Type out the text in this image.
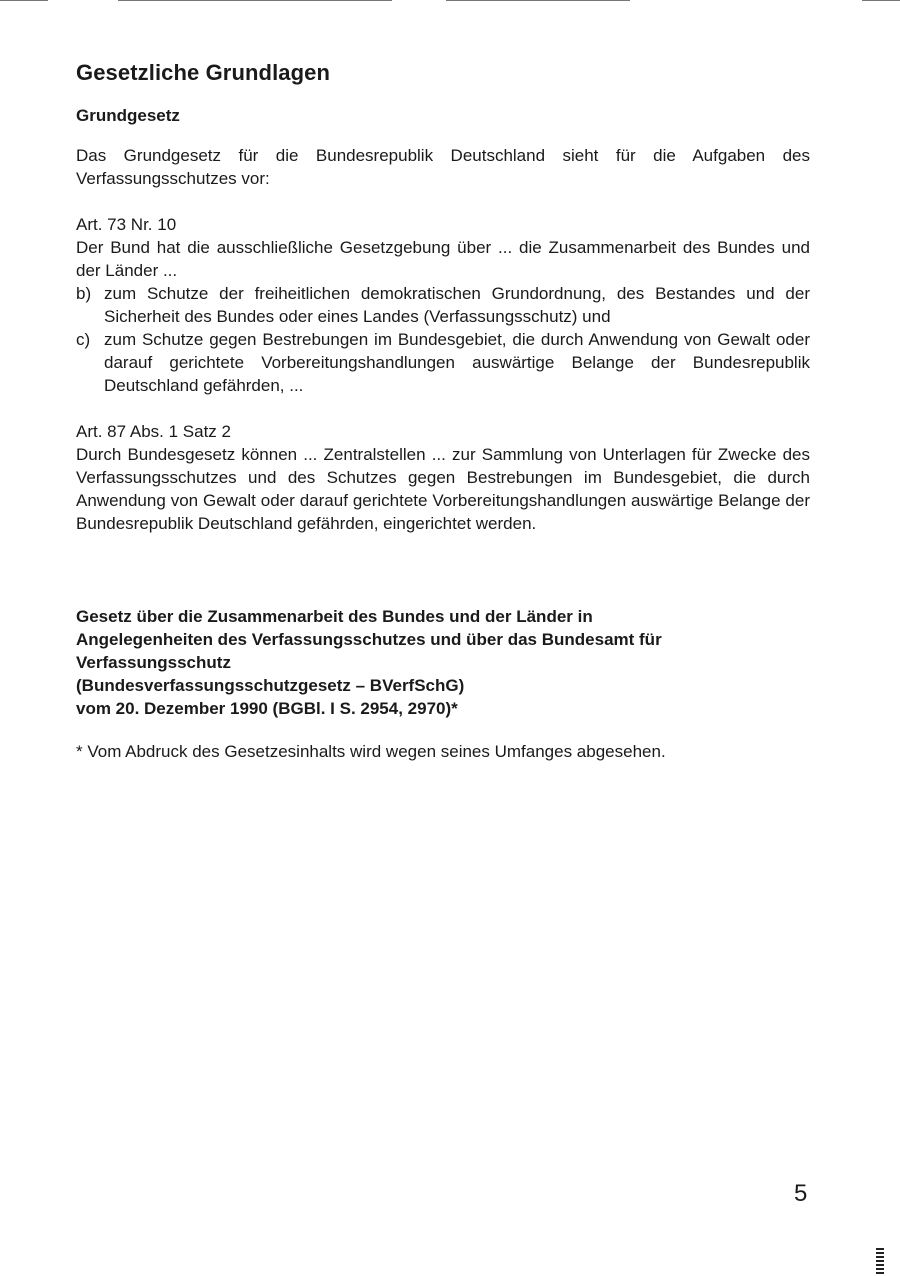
Gesetzliche Grundlagen
Grundgesetz

Das Grundgesetz für die Bundesrepublik Deutschland sieht für die Aufgaben des Verfassungsschutzes vor:

Art. 73 Nr. 10

Der Bund hat die ausschließliche Gesetzgebung über ... die Zusammenarbeit des Bundes und der Länder ...

b) zum Schutze der freiheitlichen demokratischen Grundordnung, des Bestandes und der Sicherheit des Bundes oder eines Landes (Verfassungsschutz) und
c) zum Schutze gegen Bestrebungen im Bundesgebiet, die durch Anwendung von Gewalt oder darauf gerichtete Vorbereitungshandlungen auswärtige Belange der Bundesrepublik Deutschland gefährden, ...

Art. 87 Abs. 1 Satz 2

Durch Bundesgesetz können ... Zentralstellen ... zur Sammlung von Unterlagen für Zwecke des Verfassungsschutzes und des Schutzes gegen Bestrebungen im Bundesgebiet, die durch Anwendung von Gewalt oder darauf gerichtete Vorbereitungshandlungen auswärtige Belange der Bundesrepublik Deutschland gefährden, eingerichtet werden.

Gesetz über die Zusammenarbeit des Bundes und der Länder in
Angelegenheiten des Verfassungsschutzes und über das Bundesamt für
Verfassungsschutz
(Bundesverfassungsschutzgesetz – BVerfSchG)
vom 20. Dezember 1990 (BGBl. I S. 2954, 2970)*
* Vom Abdruck des Gesetzesinhalts wird wegen seines Umfanges abgesehen.
5
